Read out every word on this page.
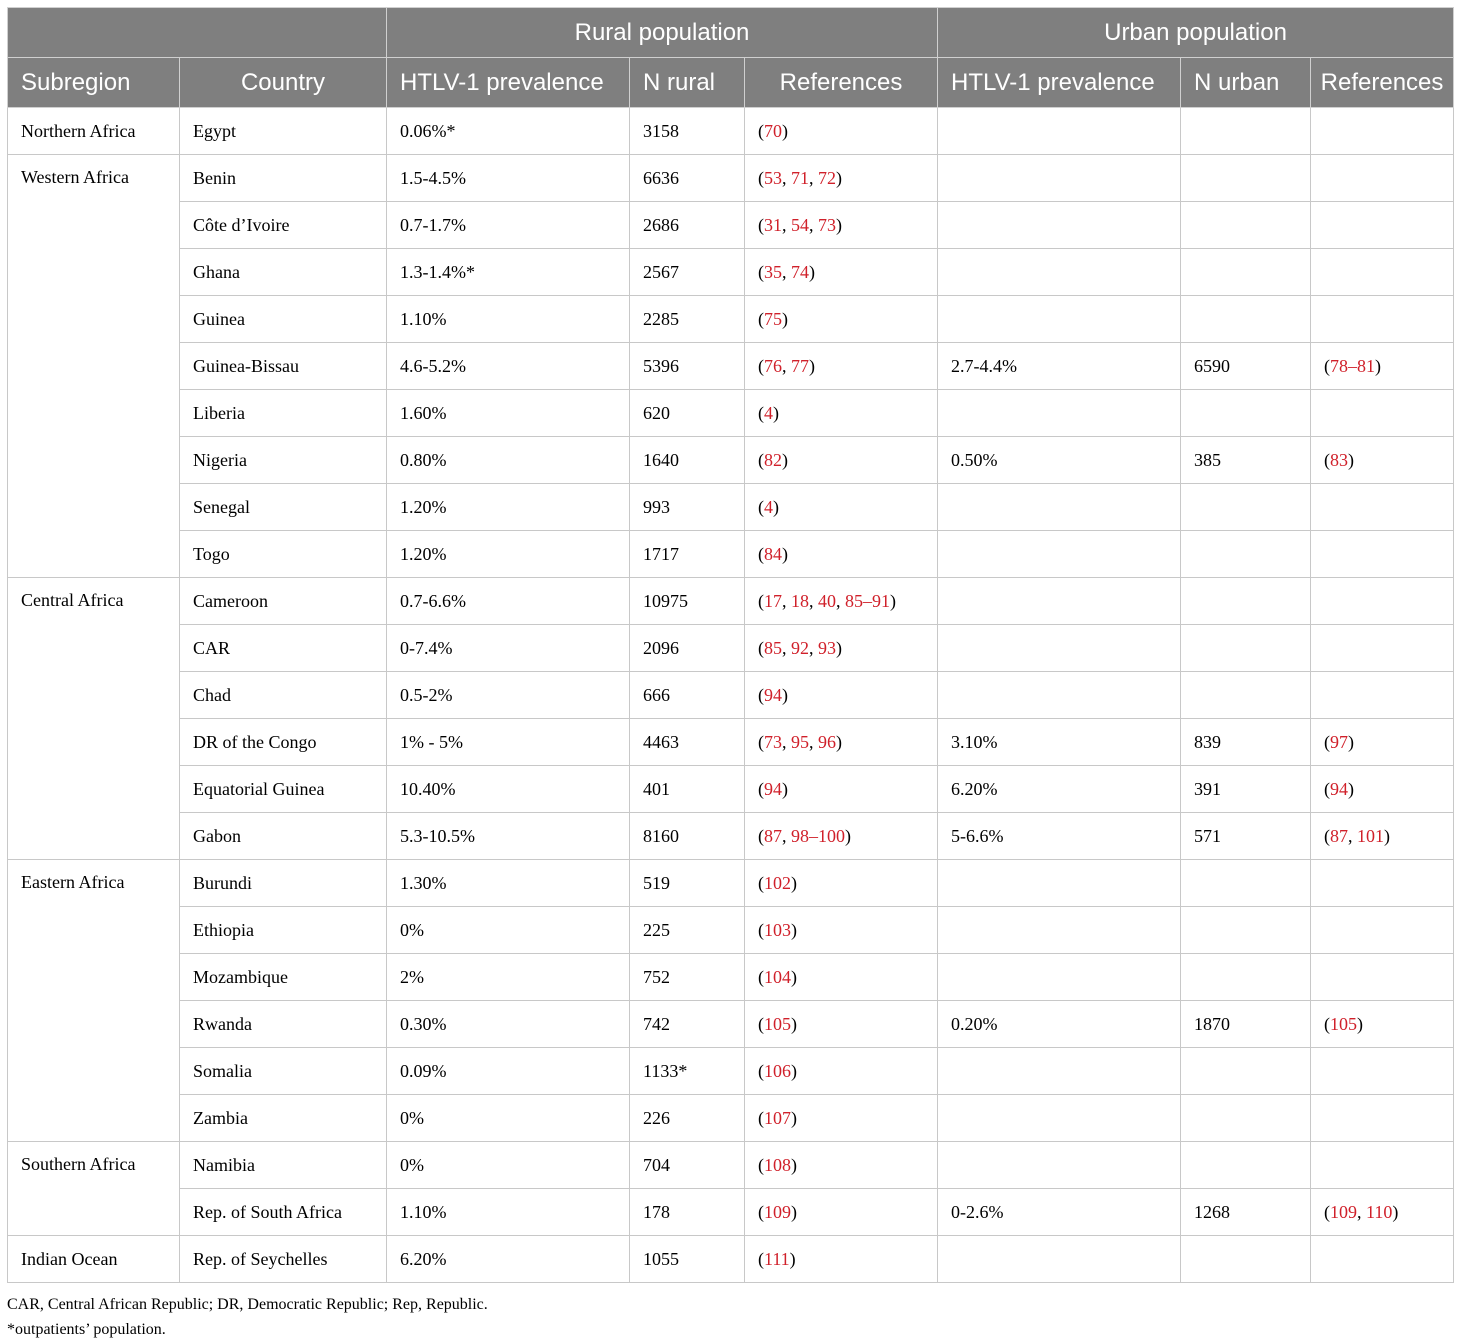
		Rural population			Urban population		
Subregion	Country	HTLV-1 prevalence	N rural	References	HTLV-1 prevalence	N urban	References
Northern Africa	Egypt	0.06%*	3158	(70)			
Western Africa	Benin	1.5-4.5%	6636	(53, 71, 72)			
	Côte d’Ivoire	0.7-1.7%	2686	(31, 54, 73)			
	Ghana	1.3-1.4%*	2567	(35, 74)			
	Guinea	1.10%	2285	(75)			
	Guinea-Bissau	4.6-5.2%	5396	(76, 77)	2.7-4.4%	6590	(78–81)
	Liberia	1.60%	620	(4)			
	Nigeria	0.80%	1640	(82)	0.50%	385	(83)
	Senegal	1.20%	993	(4)			
	Togo	1.20%	1717	(84)			
Central Africa	Cameroon	0.7-6.6%	10975	(17, 18, 40, 85–91)			
	CAR	0-7.4%	2096	(85, 92, 93)			
	Chad	0.5-2%	666	(94)			
	DR of the Congo	1% - 5%	4463	(73, 95, 96)	3.10%	839	(97)
	Equatorial Guinea	10.40%	401	(94)	6.20%	391	(94)
	Gabon	5.3-10.5%	8160	(87, 98–100)	5-6.6%	571	(87, 101)
Eastern Africa	Burundi	1.30%	519	(102)			
	Ethiopia	0%	225	(103)			
	Mozambique	2%	752	(104)			
	Rwanda	0.30%	742	(105)	0.20%	1870	(105)
	Somalia	0.09%	1133*	(106)			
	Zambia	0%	226	(107)			
Southern Africa	Namibia	0%	704	(108)			
	Rep. of South Africa	1.10%	178	(109)	0-2.6%	1268	(109, 110)
Indian Ocean	Rep. of Seychelles	6.20%	1055	(111)			
CAR, Central African Republic; DR, Democratic Republic; Rep, Republic.
*outpatients’ population.
